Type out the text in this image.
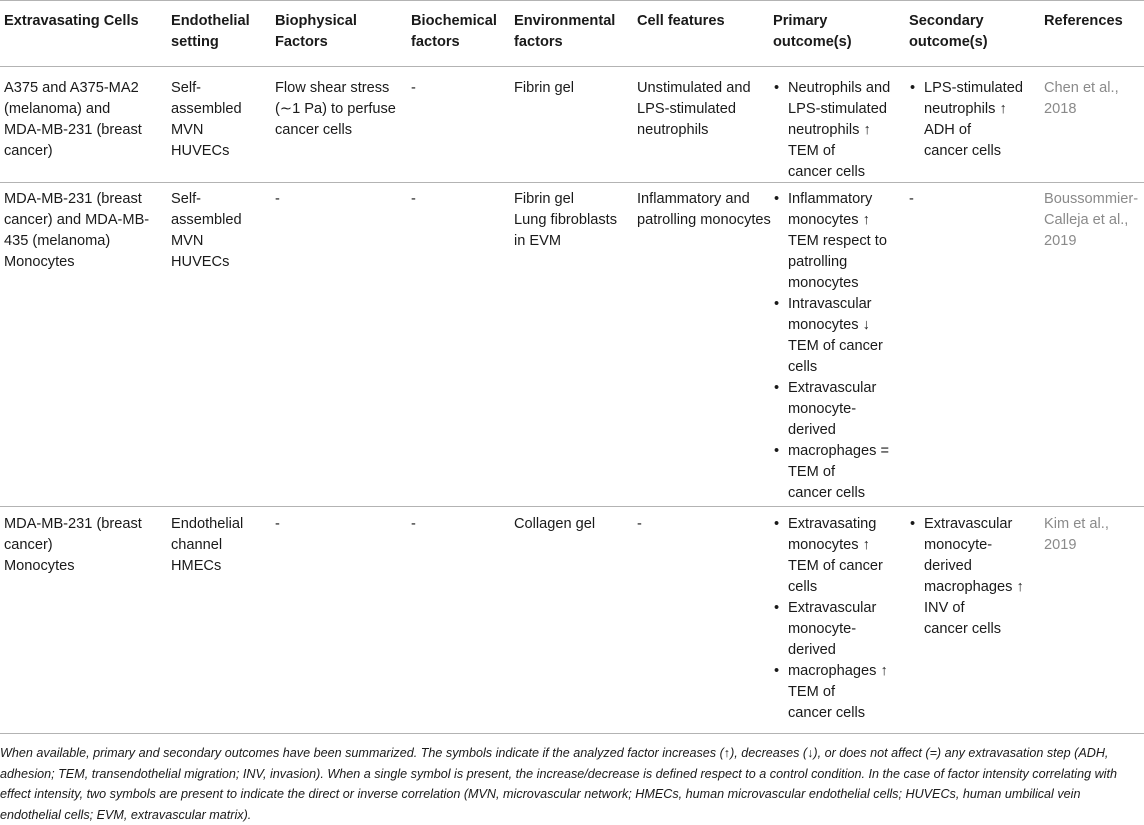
Extravasating Cells	Endothelial
setting
Biophysical
Factors
Biochemical
factors
Environmental
factors
Cell features	Primary
outcome(s)
Secondary
outcome(s)
References
A375 and A375-MA2
(melanoma) and
MDA-MB-231 (breast
cancer)
Self-
assembled
MVN
HUVECs
Flow shear stress
(∼1 Pa) to perfuse
cancer cells
-	Fibrin gel	Unstimulated and
LPS-stimulated
neutrophils
• Neutrophils and
LPS-stimulated
neutrophils ↑
TEM of
cancer cells
• LPS-stimulated
neutrophils ↑
ADH of
cancer cells
Chen et al.,
2018
MDA-MB-231 (breast
cancer) and MDA-MB-
435 (melanoma)
Monocytes
Self-
assembled
MVN
HUVECs
-	-	Fibrin gel
Lung fibroblasts
in EVM
Inflammatory and
patrolling monocytes
• Inflammatory
monocytes ↑
TEM respect to
patrolling
monocytes
• Intravascular
monocytes ↓
TEM of cancer
cells
• Extravascular
monocyte-
derived
• macrophages =
TEM of
cancer cells
-	Boussommier-
Calleja et al.,
2019
MDA-MB-231 (breast
cancer)
Monocytes
Endothelial
channel
HMECs
-	-	Collagen gel	-
•	Extravasating
monocytes ↑
TEM of cancer
cells
• Extravascular
monocyte-
derived
• macrophages ↑
TEM of
cancer cells
• Extravascular
monocyte-
derived
macrophages ↑
INV of
cancer cells
Kim et al.,
2019
When available, primary and secondary outcomes have been summarized. The symbols indicate if the analyzed factor increases (↑), decreases (↓), or does not affect (=) any extravasation step (ADH, adhesion; TEM, transendothelial migration; INV, invasion). When a single symbol is present, the increase/decrease is defined respect to a control condition. In the case of factor intensity correlating with effect intensity, two symbols are present to indicate the direct or inverse correlation (MVN, microvascular network; HMECs, human microvascular endothelial cells; HUVECs, human umbilical vein endothelial cells; EVM, extravascular matrix).
